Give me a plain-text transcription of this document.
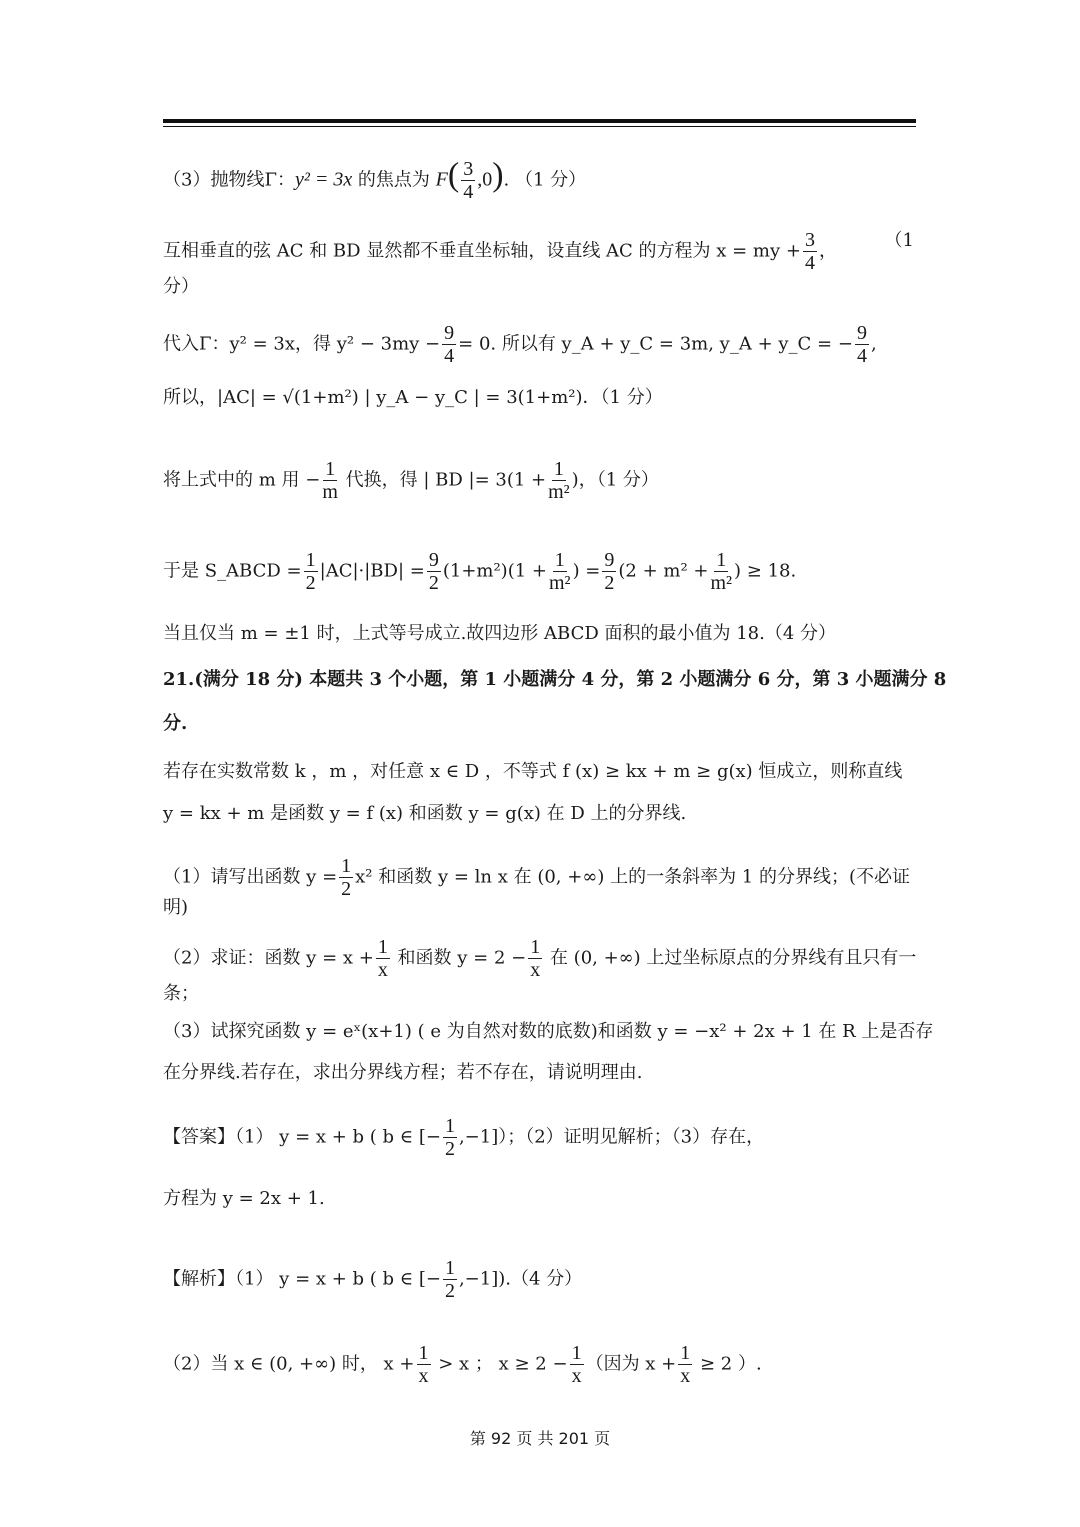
（3）抛物线Γ：y² = 3x 的焦点为 $F( \frac{3}{4} ,0)$. （1 分）
互相垂直的弦 AC 和 BD 显然都不垂直坐标轴，设直线 AC 的方程为 x = my + $\frac{3}{4}$ ，	（1
分）
代入Γ：y² = 3x，得 $y^2 - 3my - \frac{9}{4} = 0$. 所以有 y_A + y_C = 3m, y_A + y_C = − $\frac{9}{4}$ ,
所以，|AC| = √(1+m²) | y_A − y_C | = 3(1+m²)．（1 分）
将上式中的 m 用 − $\frac{1}{m}$ 代换，得 | BD |= $3(1 + \frac{1}{\text{m²}}$ )，（1 分）
于是 S_ABCD = $\frac{1}{2} |AC|\cdot|BD| = \frac{9}{2} (1+m^2)(1 + \frac{1}{\text{m²}}$ ) = $\frac{9}{2} (2 + m^2 + \frac{1}{\text{m²}}$ ) ≥ 18.
当且仅当 m = ±1 时，上式等号成立.故四边形 ABCD 面积的最小值为 18.（4 分）
21.(满分 18 分) 本题共 3 个小题，第 1 小题满分 4 分，第 2 小题满分 6 分，第 3 小题满分 8
分.
若存在实数常数 k ，m ，对任意 x ∈ D ，不等式 f (x) ≥ kx + m ≥ g(x) 恒成立，则称直线
y = kx + m 是函数 y = f (x) 和函数 y = g(x) 在 D 上的分界线.
（1）请写出函数 $y = \frac{1}{2} x^2$ 和函数 y = ln x 在 (0, +∞) 上的一条斜率为 1 的分界线；(不必证
明)
（2）求证：函数 $y = x + \frac{1}{x}$ 和函数 $y = 2 - \frac{1}{x}$ 在 (0, +∞) 上过坐标原点的分界线有且只有一
条；
（3）试探究函数 y = eˣ(x+1) ( e 为自然对数的底数)和函数 y = −x² + 2x + 1 在 R 上是否存
在分界线.若存在，求出分界线方程；若不存在，请说明理由.
【答案】（1） y = x + b ( b ∈ [− $\frac{1}{2} ,-1$]）；（2）证明见解析；（3）存在，
方程为 y = 2x + 1.
【解析】（1） y = x + b ( b ∈ [− $\frac{1}{2} ,-1]).(4$ 分）
（2）当 x ∈ (0, +∞) 时， $x + \frac{1}{x} > x$ ； $x \ge 2 - \frac{1}{x}$ （因为 $x + \frac{1}{x} \ge 2$ ）.
第 92 页 共 201 页
